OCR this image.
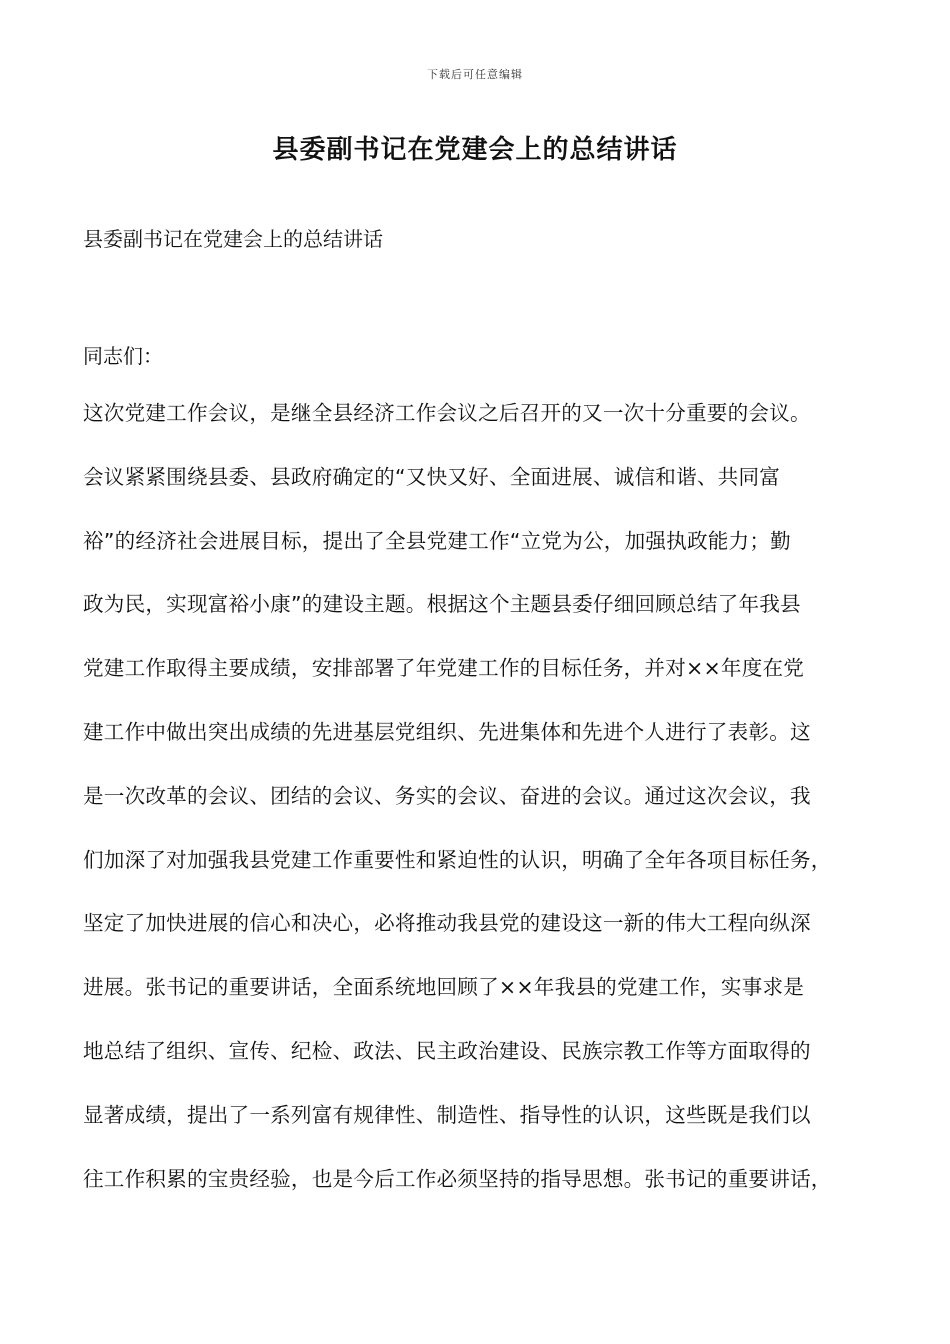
下载后可任意编辑
县委副书记在党建会上的总结讲话

县委副书记在党建会上的总结讲话

同志们：

这次党建工作会议，是继全县经济工作会议之后召开的又一次十分重要的会议。
会议紧紧围绕县委、县政府确定的“又快又好、全面进展、诚信和谐、共同富
裕”的经济社会进展目标，提出了全县党建工作“立党为公，加强执政能力；勤
政为民，实现富裕小康”的建设主题。根据这个主题县委仔细回顾总结了年我县
党建工作取得主要成绩，安排部署了年党建工作的目标任务，并对××年度在党
建工作中做出突出成绩的先进基层党组织、先进集体和先进个人进行了表彰。这
是一次改革的会议、团结的会议、务实的会议、奋进的会议。通过这次会议，我
们加深了对加强我县党建工作重要性和紧迫性的认识，明确了全年各项目标任务，
坚定了加快进展的信心和决心，必将推动我县党的建设这一新的伟大工程向纵深
进展。张书记的重要讲话，全面系统地回顾了××年我县的党建工作，实事求是
地总结了组织、宣传、纪检、政法、民主政治建设、民族宗教工作等方面取得的
显著成绩，提出了一系列富有规律性、制造性、指导性的认识，这些既是我们以
往工作积累的宝贵经验，也是今后工作必须坚持的指导思想。张书记的重要讲话，
